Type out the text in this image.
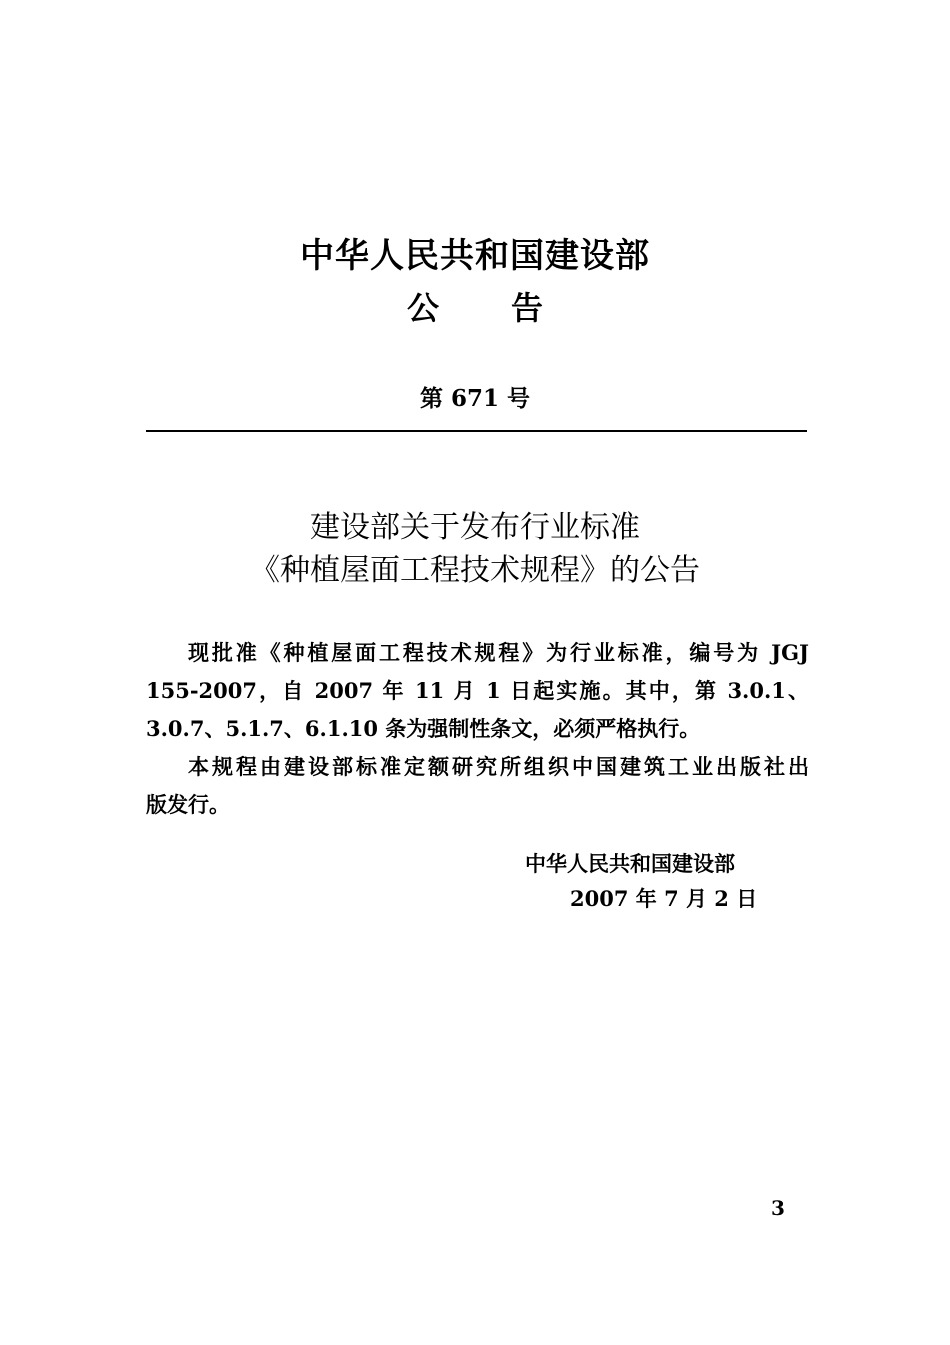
中华人民共和国建设部
公告
第 671 号
建设部关于发布行业标准
《种植屋面工程技术规程》的公告
现批准《种植屋面工程技术规程》为行业标准，编号为 JGJ
155-2007，自 2007 年 11 月 1 日起实施。其中，第 3.0.1、
3.0.7、5.1.7、6.1.10 条为强制性条文，必须严格执行。
本规程由建设部标准定额研究所组织中国建筑工业出版社出
版发行。
中华人民共和国建设部
2007 年 7 月 2 日
3
